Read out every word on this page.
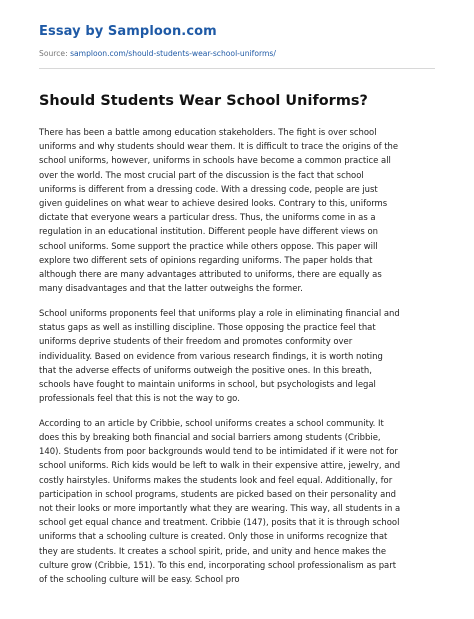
Essay by Samploon.com
Source: samploon.com/should-students-wear-school-uniforms/
Should Students Wear School Uniforms?
There has been a battle among education stakeholders. The fight is over school
uniforms and why students should wear them. It is difficult to trace the origins of the
school uniforms, however, uniforms in schools have become a common practice all
over the world. The most crucial part of the discussion is the fact that school
uniforms is different from a dressing code. With a dressing code, people are just
given guidelines on what wear to achieve desired looks. Contrary to this, uniforms
dictate that everyone wears a particular dress. Thus, the uniforms come in as a
regulation in an educational institution. Different people have different views on
school uniforms. Some support the practice while others oppose. This paper will
explore two different sets of opinions regarding uniforms. The paper holds that
although there are many advantages attributed to uniforms, there are equally as
many disadvantages and that the latter outweighs the former.
School uniforms proponents feel that uniforms play a role in eliminating financial and
status gaps as well as instilling discipline. Those opposing the practice feel that
uniforms deprive students of their freedom and promotes conformity over
individuality. Based on evidence from various research findings, it is worth noting
that the adverse effects of uniforms outweigh the positive ones. In this breath,
schools have fought to maintain uniforms in school, but psychologists and legal
professionals feel that this is not the way to go.
According to an article by Cribbie, school uniforms creates a school community. It
does this by breaking both financial and social barriers among students (Cribbie,
140). Students from poor backgrounds would tend to be intimidated if it were not for
school uniforms. Rich kids would be left to walk in their expensive attire, jewelry, and
costly hairstyles. Uniforms makes the students look and feel equal. Additionally, for
participation in school programs, students are picked based on their personality and
not their looks or more importantly what they are wearing. This way, all students in a
school get equal chance and treatment. Cribbie (147), posits that it is through school
uniforms that a schooling culture is created. Only those in uniforms recognize that
they are students. It creates a school spirit, pride, and unity and hence makes the
culture grow (Cribbie, 151). To this end, incorporating school professionalism as part
of the schooling culture will be easy. School pro
